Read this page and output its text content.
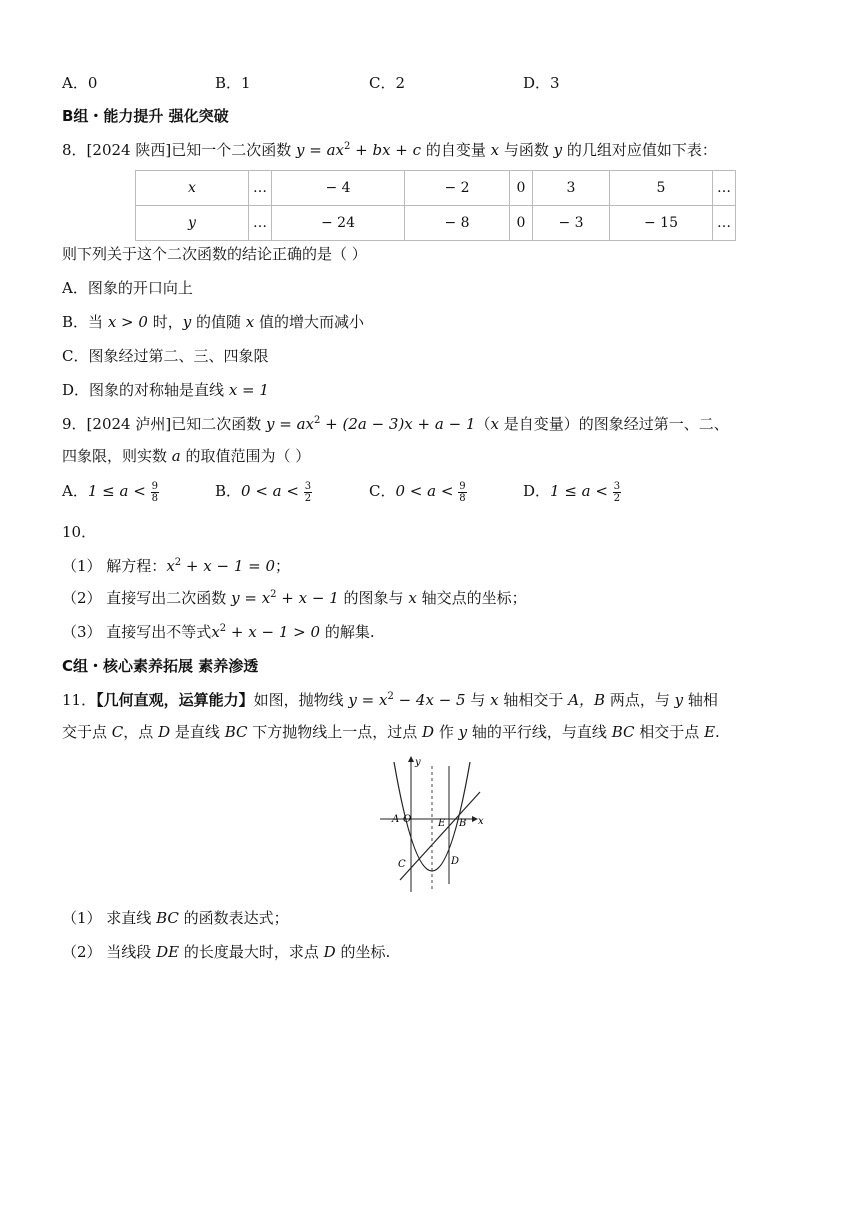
A．0	B．1	C．2	D．3
B组・能力提升 强化突破
8．[2024 陕西]已知一个二次函数 $y = ax^2$ + bx + c 的自变量 x 与函数 y 的几组对应值如下表：
x	…	− 4	− 2	0	3	5	…
y	…	− 24	− 8	0	− 3	− 15	…
则下列关于这个二次函数的结论正确的是（ ）
A．图象的开口向上
B．当 x > 0 时，y 的值随 x 值的增大而减小
C．图象经过第二、三、四象限
D．图象的对称轴是直线 x = 1
9．[2024 泸州]已知二次函数 $y = ax^2 + (2a - 3)x + a - 1(x$ 是自变量）的图象经过第一、二、
四象限，则实数 a 的取值范围为（ ）
A．$1 \le a < \frac{9}{8}$	B．$0 < a < \frac{3}{2}$	C．$0 < a < \frac{9}{8}$	D．$1 \le a < \frac{3}{2}$
10．
（1） 解方程：$x^2 + x - 1 = 0$；
（2） 直接写出二次函数 $y = x^2 + x - 1$ 的图象与 x 轴交点的坐标；
（3） 直接写出不等式$x^2 + x - 1 > 0$ 的解集.
C组・核心素养拓展 素养渗透
11．【几何直观，运算能力】如图，抛物线 $y = x^2 - 4x - 5$ 与 x 轴相交于 A，B 两点，与 y 轴相
交于点 C，点 D 是直线 BC 下方抛物线上一点，过点 D 作 y 轴的平行线，与直线 BC 相交于点 E.
y
x
A O	E B
C	D
（1） 求直线 BC 的函数表达式；
（2） 当线段 DE 的长度最大时，求点 D 的坐标.
